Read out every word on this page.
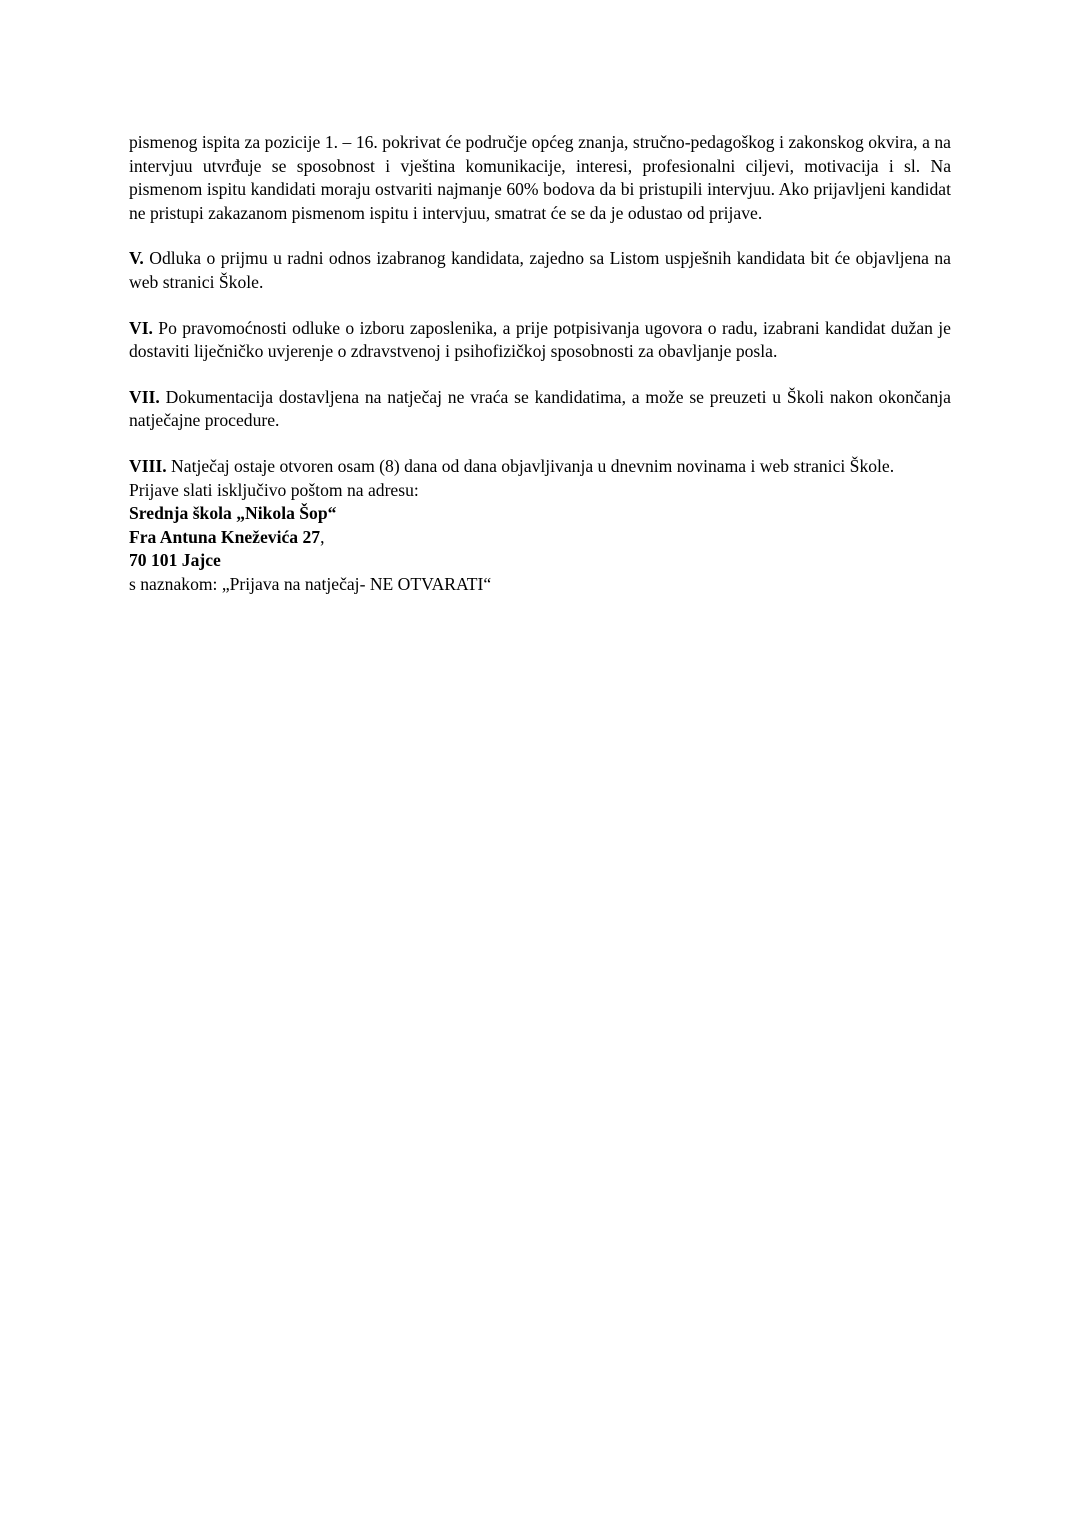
pismenog ispita za pozicije 1. – 16. pokrivat će područje općeg znanja, stručno-pedagoškog i zakonskog okvira, a na intervjuu utvrđuje se sposobnost i vještina komunikacije, interesi, profesionalni ciljevi, motivacija i sl. Na pismenom ispitu kandidati moraju ostvariti najmanje 60% bodova da bi pristupili intervjuu. Ako prijavljeni kandidat ne pristupi zakazanom pismenom ispitu i intervjuu, smatrat će se da je odustao od prijave.

V. Odluka o prijmu u radni odnos izabranog kandidata, zajedno sa Listom uspješnih kandidata bit će objavljena na web stranici Škole.

VI. Po pravomoćnosti odluke o izboru zaposlenika, a prije potpisivanja ugovora o radu, izabrani kandidat dužan je dostaviti liječničko uvjerenje o zdravstvenoj i psihofizičkoj sposobnosti za obavljanje posla.

VII. Dokumentacija dostavljena na natječaj ne vraća se kandidatima, a može se preuzeti u Školi nakon okončanja natječajne procedure.

VIII. Natječaj ostaje otvoren osam (8) dana od dana objavljivanja u dnevnim novinama i web stranici Škole.

Prijave slati isključivo poštom na adresu:
Srednja škola „Nikola Šop“
Fra Antuna Kneževića 27,
70 101 Jajce
s naznakom: „Prijava na natječaj- NE OTVARATI“
